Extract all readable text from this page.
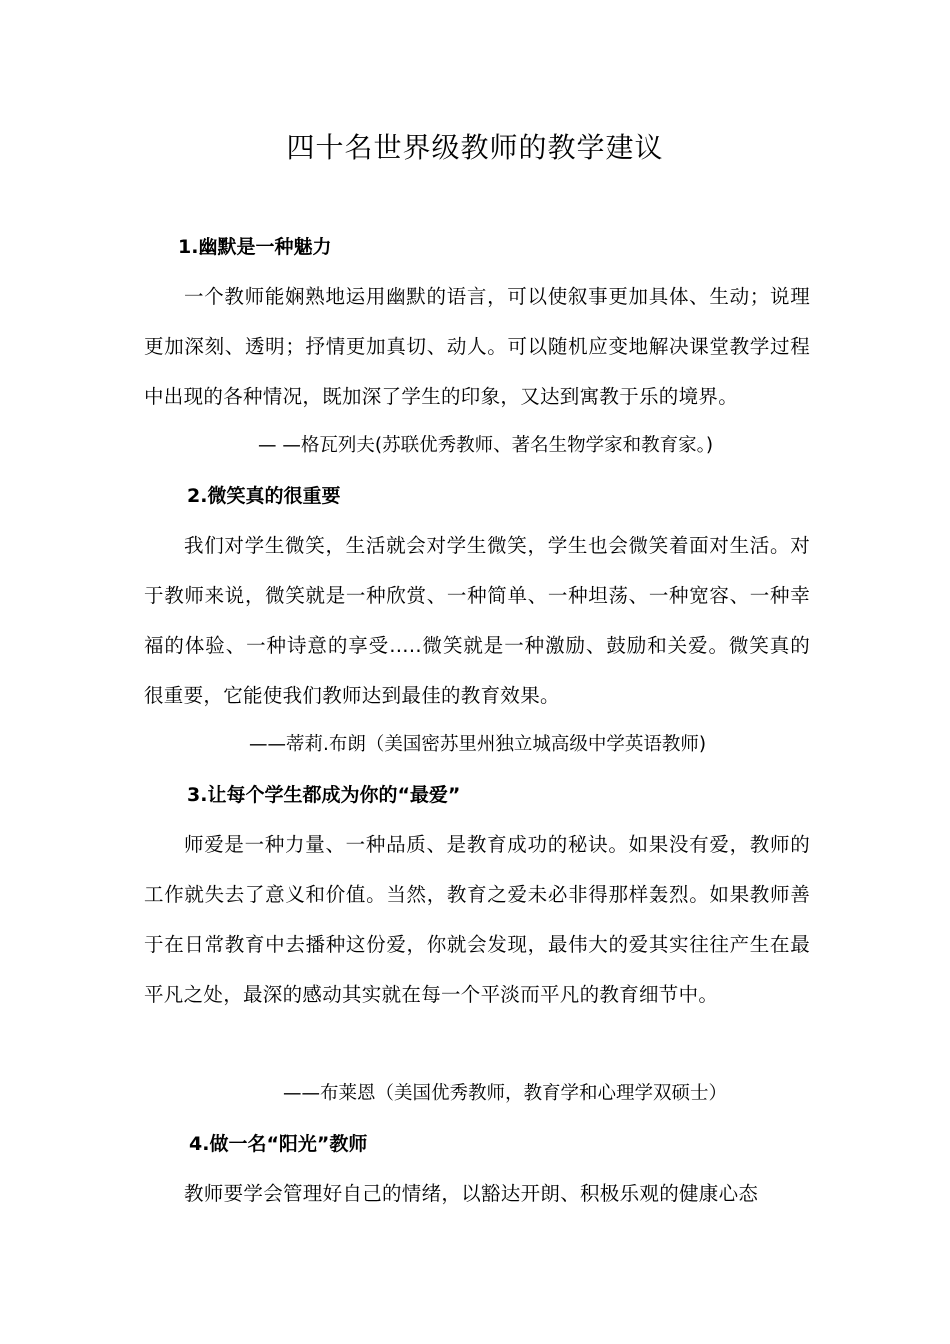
四十名世界级教师的教学建议
1.幽默是一种魅力
一个教师能娴熟地运用幽默的语言，可以使叙事更加具体、生动；说理更加深刻、透明；抒情更加真切、动人。可以随机应变地解决课堂教学过程中出现的各种情况，既加深了学生的印象，又达到寓教于乐的境界。
— —格瓦列夫(苏联优秀教师、著名生物学家和教育家。)
2.微笑真的很重要
我们对学生微笑，生活就会对学生微笑，学生也会微笑着面对生活。对于教师来说，微笑就是一种欣赏、一种简单、一种坦荡、一种宽容、一种幸福的体验、一种诗意的享受…..微笑就是一种激励、鼓励和关爱。微笑真的很重要，它能使我们教师达到最佳的教育效果。
——蒂莉.布朗（美国密苏里州独立城高级中学英语教师)
3.让每个学生都成为你的“最爱”
师爱是一种力量、一种品质、是教育成功的秘诀。如果没有爱，教师的工作就失去了意义和价值。当然，教育之爱未必非得那样轰烈。如果教师善于在日常教育中去播种这份爱，你就会发现，最伟大的爱其实往往产生在最平凡之处，最深的感动其实就在每一个平淡而平凡的教育细节中。
——布莱恩（美国优秀教师，教育学和心理学双硕士）
4.做一名“阳光”教师
教师要学会管理好自己的情绪，以豁达开朗、积极乐观的健康心态
